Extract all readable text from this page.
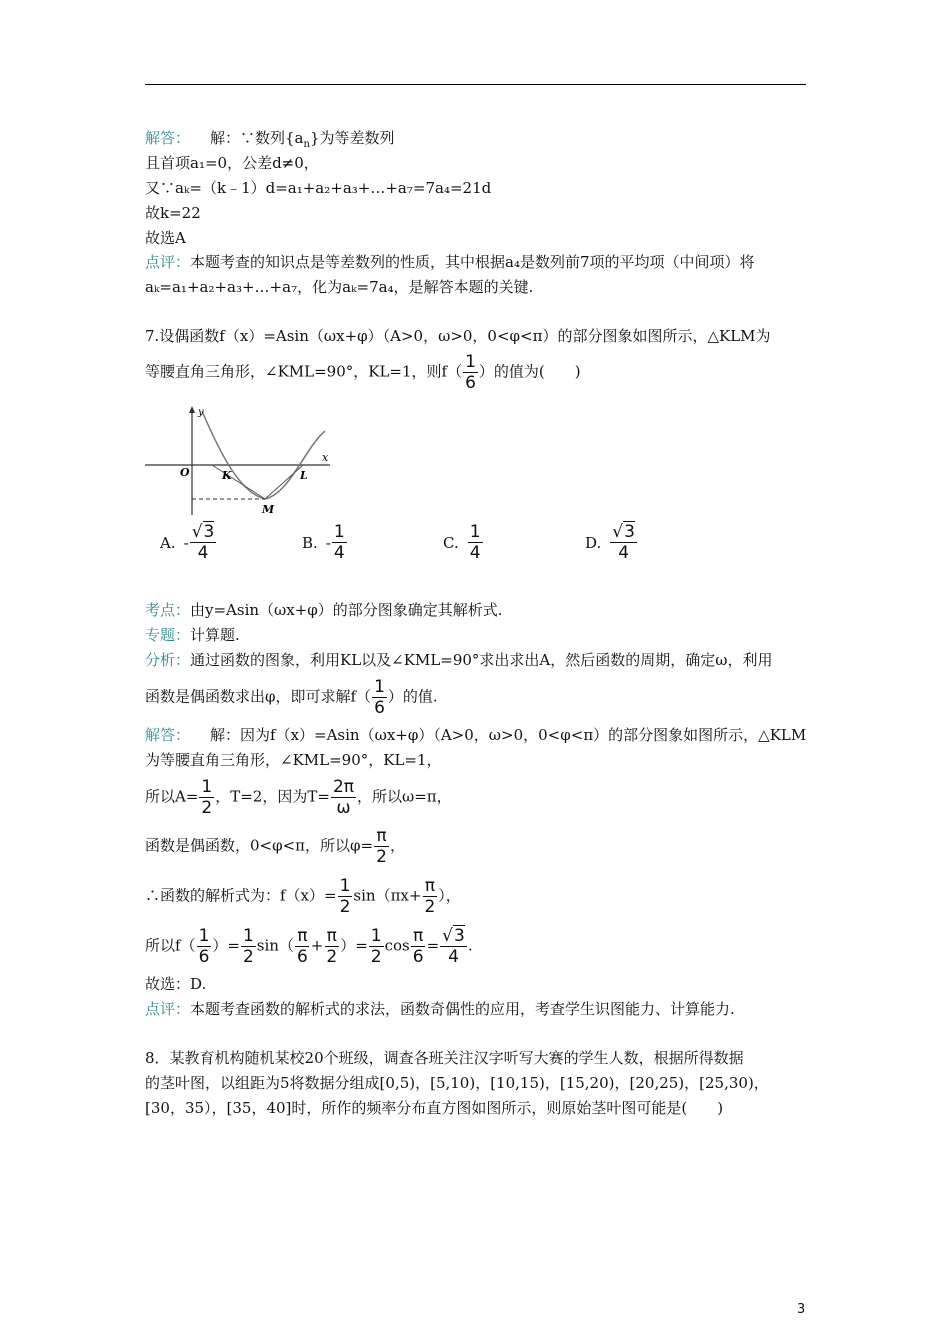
解答： 解：∵数列$\{a_n\}$为等差数列
且首项a₁=0，公差d≠0，
又∵aₖ=（k﹣1）d=a₁+a₂+a₃+…+a₇=7a₄=21d
故k=22
故选A
点评：本题考查的知识点是等差数列的性质，其中根据a₄是数列前7项的平均项（中间项）将
aₖ=a₁+a₂+a₃+…+a₇，化为aₖ=7a₄，是解答本题的关键.
7.设偶函数f（x）=Asin（ωx+φ）（A>0，ω>0，0<φ<π）的部分图象如图所示，△KLM为
等腰直角三角形，∠KML=90°，KL=1，则$f( \frac{1}{6}$ ）的值为(　　)
y
x
O	K	L
M
A. - $\frac{√3}{4}$	B. - $\frac{1}{4}$	C. $\frac{1}{4}$	D. $\frac{√3}{4}$
考点：由y=Asin（ωx+φ）的部分图象确定其解析式.
专题：计算题.
分析：通过函数的图象，利用KL以及∠KML=90°求出求出A，然后函数的周期，确定ω，利用
函数是偶函数求出φ，即可求解$f( \frac{1}{6}$ ）的值.
解答： 解：因为f（x）=Asin（ωx+φ）（A>0，ω>0，0<φ<π）的部分图象如图所示，△KLM
为等腰直角三角形，∠KML=90°，KL=1，
所以$A= \frac{1}{2}$ ，T=2，因为$T= \frac{2\pi}{\omega}$ ，所以ω=π，
函数是偶函数，0<φ<π，所以$\varphi= \frac{\pi}{2}$ ，
∴函数的解析式为：$f(x)= \frac{1}{2} \sin(\pi x+ \frac{\pi}{2}$ ），
所以$f( \frac{1}{6}$ ）= $\frac{1}{2} \sin( \frac{\pi}{6} + \frac{\pi}{2}$ ）= $\frac{1}{2}$ $\cos \frac{\pi}{6} = \frac{√3}{4}$ .
故选：D.
点评：本题考查函数的解析式的求法，函数奇偶性的应用，考查学生识图能力、计算能力.
8．某教育机构随机某校20个班级，调查各班关注汉字听写大赛的学生人数，根据所得数据
的茎叶图，以组距为5将数据分组成[0,5)，[5,10)，[10,15)，[15,20)，[20,25)，[25,30)，
[30，35），[35，40]时，所作的频率分布直方图如图所示，则原始茎叶图可能是(　　)
3
